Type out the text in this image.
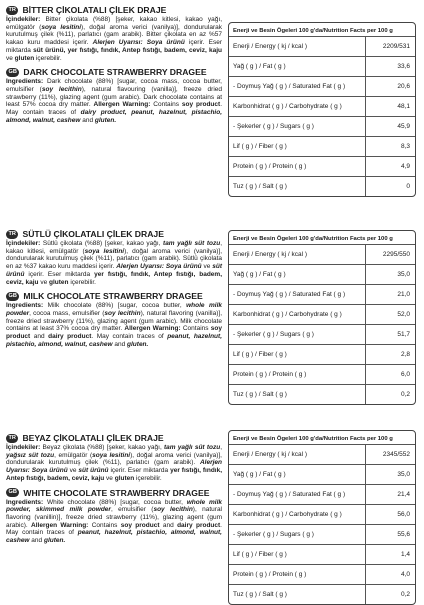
TR BİTTER ÇİKOLATALI ÇİLEK DRAJE

İçindekiler: Bitter çikolata (%88) [şeker, kakao kitlesi, kakao yağı, emülgatör (soya lesitini), doğal aroma verici (vanilya)], dondurularak kurutulmuş çilek (%11), parlatıcı (gam arabik). Bitter çikolata en az %57 kakao kuru maddesi içerir. Alerjen Uyarısı: Soya ürünü içerir. Eser miktarda süt ürünü, yer fıstığı, fındık, Antep fıstığı, badem, ceviz, kaju ve gluten içerebilir.

GB DARK CHOCOLATE STRAWBERRY DRAGEE

Ingredients: Dark chocolate (88%) [sugar, cocoa mass, cocoa butter, emulsifier (soy lecithin), natural flavouring (vanilla)], freeze dried strawberry (11%), glazing agent (gum arabic). Dark chocolate contains at least 57% cocoa dry matter. Allergen Warning: Contains soy product. May contain traces of dairy product, peanut, hazelnut, pistachio, almond, walnut, cashew and gluten.

Enerji ve Besin Ögeleri 100 g'da/Nutrition Facts per 100 g
Enerji / Energy ( kj / kcal )	2209/531
Yağ ( g ) / Fat ( g )	33,6
- Doymuş Yağ ( g ) / Saturated Fat ( g )	20,6
Karbonhidrat ( g ) / Carbohydrate ( g )	48,1
- Şekerler ( g ) / Sugars ( g )	45,9
Lif ( g ) / Fiber ( g )	8,3
Protein ( g ) / Protein ( g )	4,9
Tuz ( g ) / Salt ( g )	0
TR SÜTLÜ ÇİKOLATALI ÇİLEK DRAJE

İçindekiler: Sütlü çikolata (%88) [şeker, kakao yağı, tam yağlı süt tozu, kakao kitlesi, emülgatör (soya lesitini), doğal aroma verici (vanilya)], dondurularak kurutulmuş çilek (%11), parlatıcı (gam arabik). Sütlü çikolata en az %37 kakao kuru maddesi içerir. Alerjen Uyarısı: Soya ürünü ve süt ürünü içerir. Eser miktarda yer fıstığı, fındık, Antep fıstığı, badem, ceviz, kaju ve gluten içerebilir.

GB MILK CHOCOLATE STRAWBERRY DRAGEE

Ingredients: Milk chocolate (88%) [sugar, cocoa butter, whole milk powder, cocoa mass, emulsifier (soy lecithin), natural flavoring (vanilla)], freeze dried strawberry (11%), glazing agent (gum arabic). Milk chocolate contains at least 37% cocoa dry matter. Allergen Warning: Contains soy product and dairy product. May contain traces of peanut, hazelnut, pistachio, almond, walnut, cashew and gluten.

Enerji ve Besin Ögeleri 100 g'da/Nutrition Facts per 100 g
Enerji / Energy ( kj / kcal )	2295/550
Yağ ( g ) / Fat ( g )	35,0
- Doymuş Yağ ( g ) / Saturated Fat ( g )	21,0
Karbonhidrat ( g ) / Carbohydrate ( g )	52,0
- Şekerler ( g ) / Sugars ( g )	51,7
Lif ( g ) / Fiber ( g )	2,8
Protein ( g ) / Protein ( g )	6,0
Tuz ( g ) / Salt ( g )	0,2
TR BEYAZ ÇİKOLATALI ÇİLEK DRAJE

İçindekiler: Beyaz çikolata (%88) [şeker, kakao yağı, tam yağlı süt tozu, yağsız süt tozu, emülgatör (soya lesitini), doğal aroma verici (vanilya)], dondurularak kurutulmuş çilek (%11), parlatıcı (gam arabik). Alerjen Uyarısı: Soya ürünü ve süt ürünü içerir. Eser miktarda yer fıstığı, fındık, Antep fıstığı, badem, ceviz, kaju ve gluten içerebilir.

GB WHITE CHOCOLATE STRAWBERRY DRAGEE

Ingredients: White chocolate (88%) [sugar, cocoa butter, whole milk powder, skimmed milk powder, emulsifier (soy lecithin), natural flavoring (vanillin)], freeze dried strawberry (11%), glazing agent (gum arabic). Allergen Warning: Contains soy product and dairy product. May contain traces of peanut, hazelnut, pistachio, almond, walnut, cashew and gluten.

Enerji ve Besin Ögeleri 100 g'da/Nutrition Facts per 100 g
Enerji / Energy ( kj / kcal )	2345/552
Yağ ( g ) / Fat ( g )	35,0
- Doymuş Yağ ( g ) / Saturated Fat ( g )	21,4
Karbonhidrat ( g ) / Carbohydrate ( g )	56,0
- Şekerler ( g ) / Sugars ( g )	55,6
Lif ( g ) / Fiber ( g )	1,4
Protein ( g ) / Protein ( g )	4,0
Tuz ( g ) / Salt ( g )	0,2
